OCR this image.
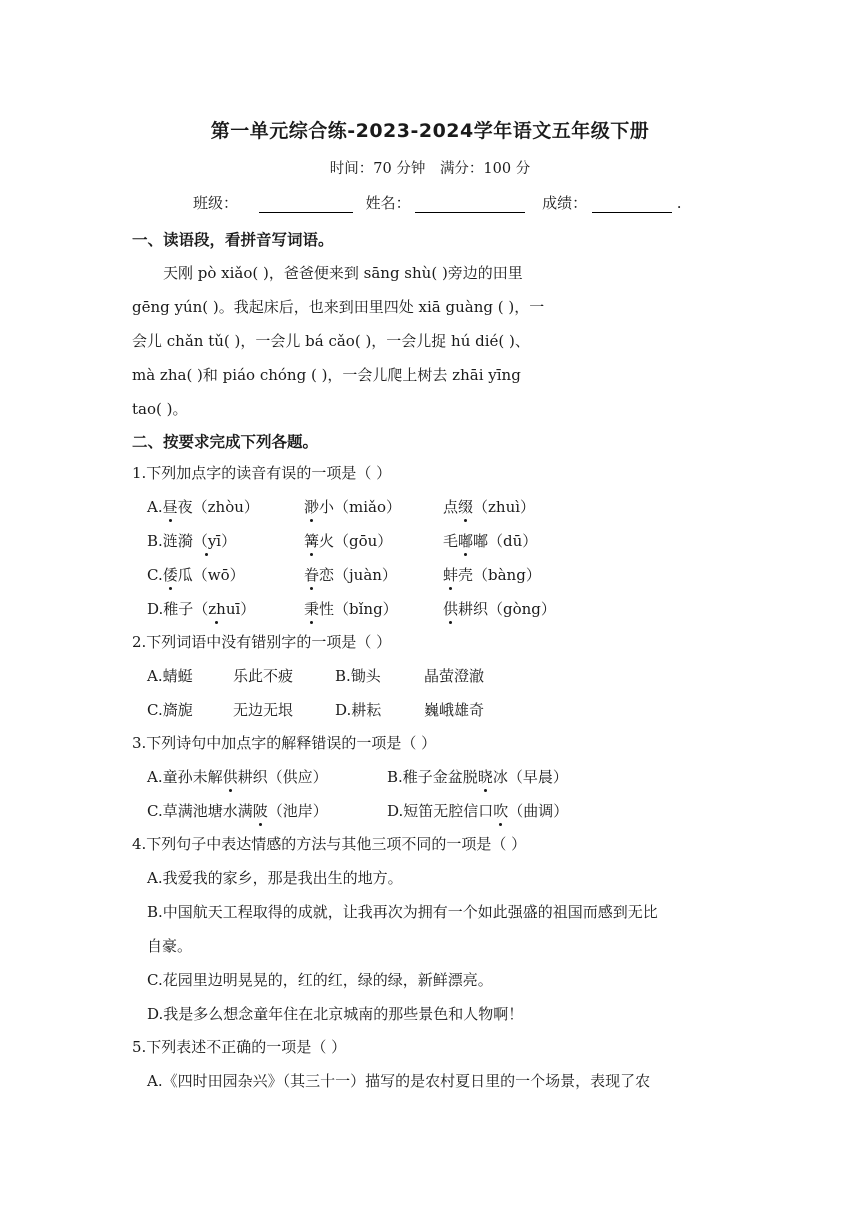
第一单元综合练-2023-2024学年语文五年级下册
时间：70 分钟 满分：100 分
班级：	姓名：	成绩：	.
一、读语段，看拼音写词语。
天刚 pò xiǎo( )，爸爸便来到 sāng shù( )旁边的田里
gēng yún( )。我起床后，也来到田里四处 xiā guàng ( )，一
会儿 chǎn tǔ( )，一会儿 bá cǎo( )，一会儿捉 hú dié( )、
mà zha( )和 piáo chóng ( )，一会儿爬上树去 zhāi yīng
tao( )。
二、按要求完成下列各题。
1.下列加点字的读音有误的一项是（ ）
A.昼夜（zhòu）	渺小（miǎo）	点缀（zhuì）
B.涟漪（yī）	篝火（gōu）	毛嘟嘟（dū）
C.倭瓜（wō）	眷恋（juàn）	蚌壳（bàng）
D.稚子（zhuī）	秉性（bǐng）	供耕织（gòng）
2.下列词语中没有错别字的一项是（ ）
A.蜻蜓	乐此不疲	B.锄头	晶萤澄澈
C.旖旎	无边无垠	D.耕耘	巍峨雄奇
3.下列诗句中加点字的解释错误的一项是（ ）
A.童孙未解供耕织（供应）	B.稚子金盆脱晓冰（早晨）
C.草满池塘水满陂（池岸）	D.短笛无腔信口吹（曲调）
4.下列句子中表达情感的方法与其他三项不同的一项是（ ）
A.我爱我的家乡，那是我出生的地方。
B.中国航天工程取得的成就，让我再次为拥有一个如此强盛的祖国而感到无比
自豪。
C.花园里边明晃晃的，红的红，绿的绿，新鲜漂亮。
D.我是多么想念童年住在北京城南的那些景色和人物啊！
5.下列表述不正确的一项是（ ）
A.《四时田园杂兴》（其三十一）描写的是农村夏日里的一个场景，表现了农
